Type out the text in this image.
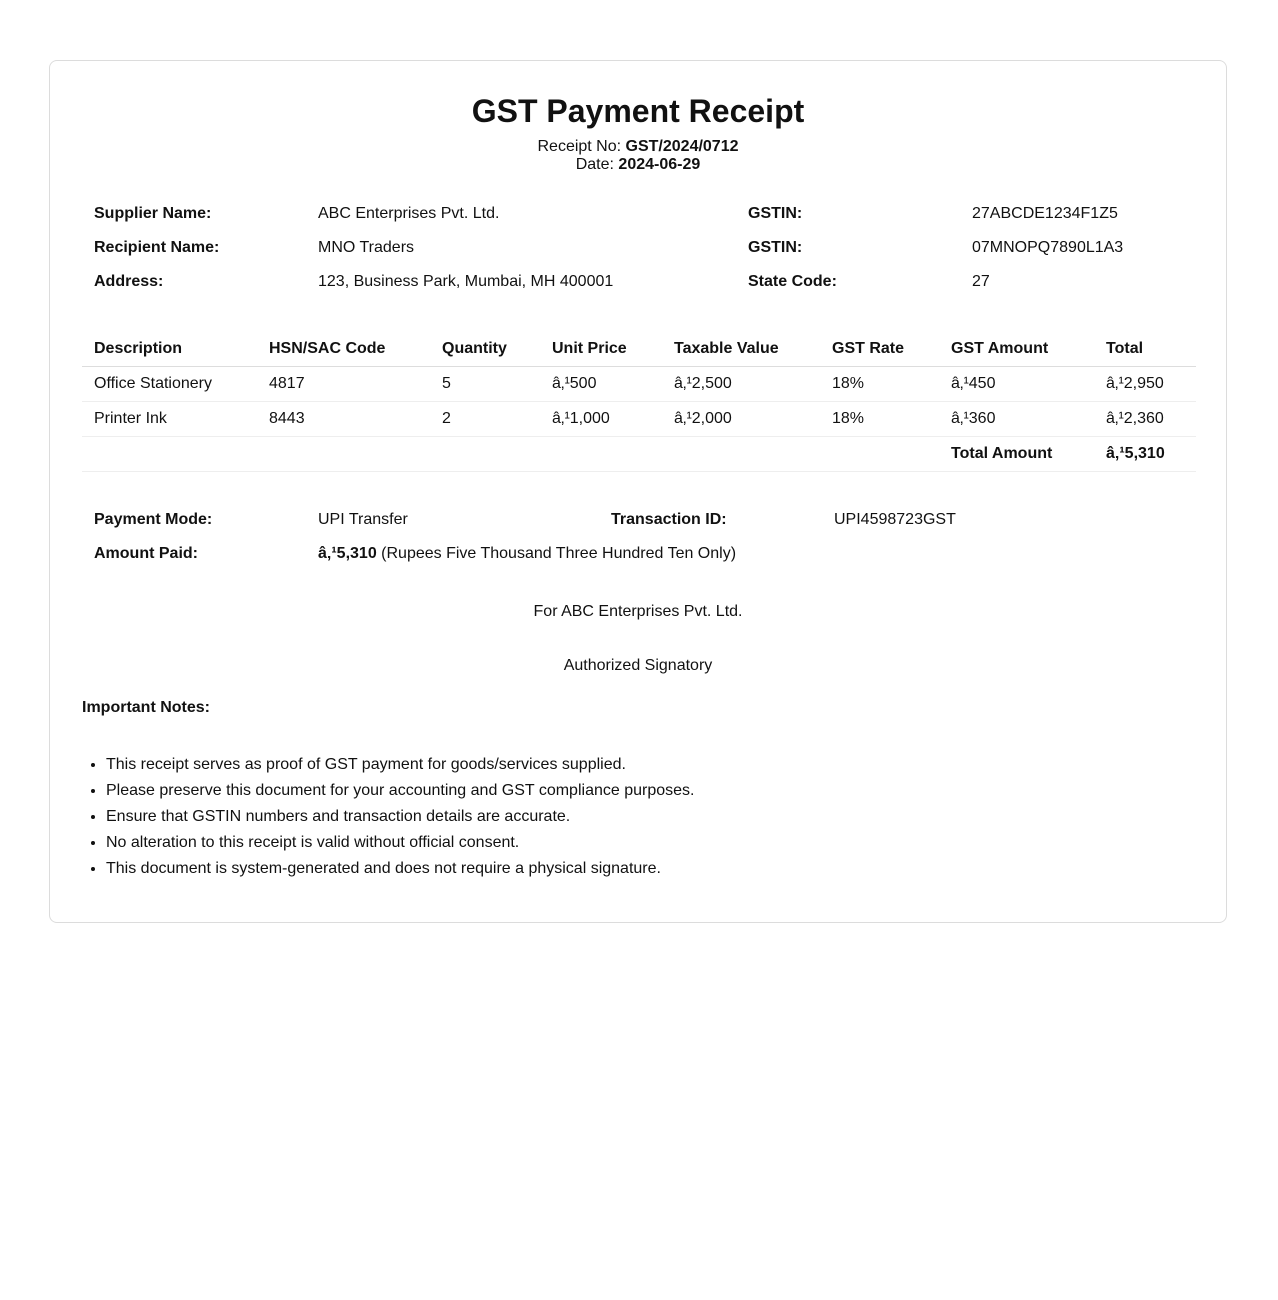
GST Payment Receipt
Receipt No: GST/2024/0712
Date: 2024-06-29
Supplier Name:	ABC Enterprises Pvt. Ltd.	GSTIN:	27ABCDE1234F1Z5
Recipient Name:	MNO Traders	GSTIN:	07MNOPQ7890L1A3
Address:	123, Business Park, Mumbai, MH 400001	State Code:	27
Description	HSN/SAC Code	Quantity	Unit Price	Taxable Value	GST Rate	GST Amount	Total
Office Stationery	4817	5	â‚¹500	â‚¹2,500	18%	â‚¹450	â‚¹2,950
Printer Ink	8443	2	â‚¹1,000	â‚¹2,000	18%	â‚¹360	â‚¹2,360
						Total Amount	â‚¹5,310
Payment Mode:	UPI Transfer	Transaction ID:	UPI4598723GST
Amount Paid:	â‚¹5,310 (Rupees Five Thousand Three Hundred Ten Only)		
For ABC Enterprises Pvt. Ltd.
Authorized Signatory
Important Notes:
• This receipt serves as proof of GST payment for goods/services supplied.
• Please preserve this document for your accounting and GST compliance purposes.
• Ensure that GSTIN numbers and transaction details are accurate.
• No alteration to this receipt is valid without official consent.
• This document is system-generated and does not require a physical signature.
